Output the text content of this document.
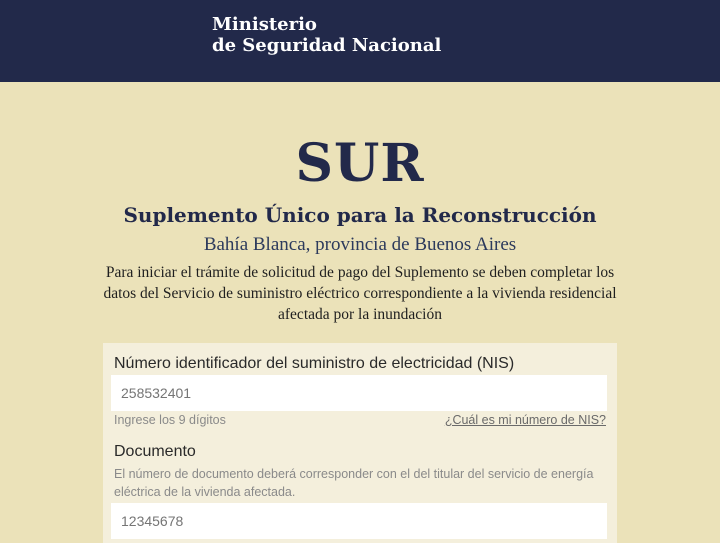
Ministerio
de Seguridad Nacional
SUR
Suplemento Único para la Reconstrucción
Bahía Blanca, provincia de Buenos Aires
Para iniciar el trámite de solicitud de pago del Suplemento se deben completar los datos del Servicio de suministro eléctrico correspondiente a la vivienda residencial afectada por la inundación
Número identificador del suministro de electricidad (NIS)
258532401
Ingrese los 9 dígitos	¿Cuál es mi número de NIS?
Documento
El número de documento deberá corresponder con el del titular del servicio de energía eléctrica de la vivienda afectada.
12345678
